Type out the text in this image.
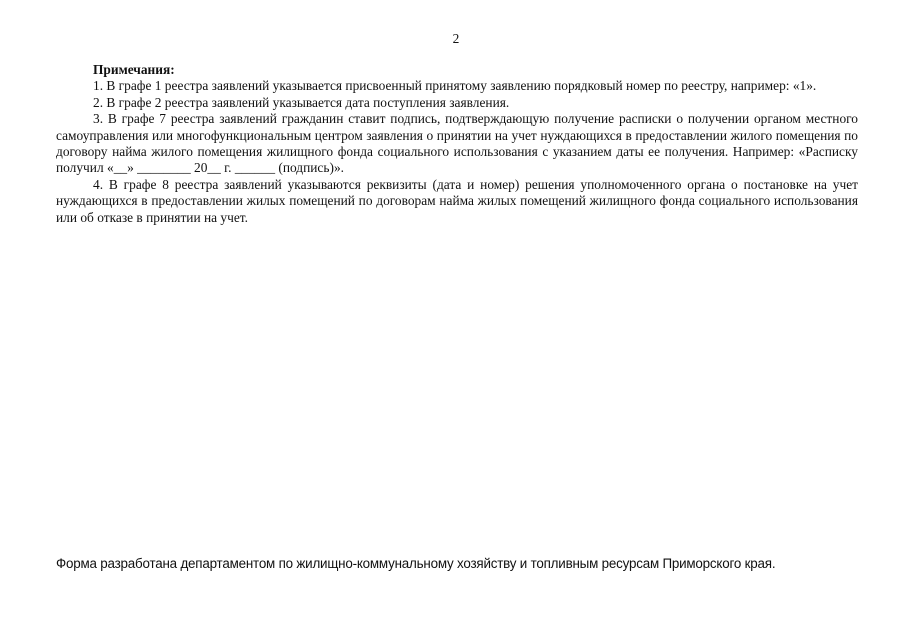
2

Примечания:

1. В графе 1 реестра заявлений указывается присвоенный принятому заявлению порядковый номер по реестру, например: «1».

2. В графе 2 реестра заявлений указывается дата поступления заявления.

3. В графе 7 реестра заявлений гражданин ставит подпись, подтверждающую получение расписки о получении органом местного самоуправления или многофункциональным центром заявления о принятии на учет нуждающихся в предоставлении жилого помещения по договору найма жилого помещения жилищного фонда социального использования с указанием даты ее получения. Например: «Расписку получил «__» ________ 20__ г. ______ (подпись)».

4. В графе 8 реестра заявлений указываются реквизиты (дата и номер) решения уполномоченного органа о постановке на учет нуждающихся в предоставлении жилых помещений по договорам найма жилых помещений жилищного фонда социального использования или об отказе в принятии на учет.

Форма разработана департаментом по жилищно-коммунальному хозяйству и топливным ресурсам Приморского края.
